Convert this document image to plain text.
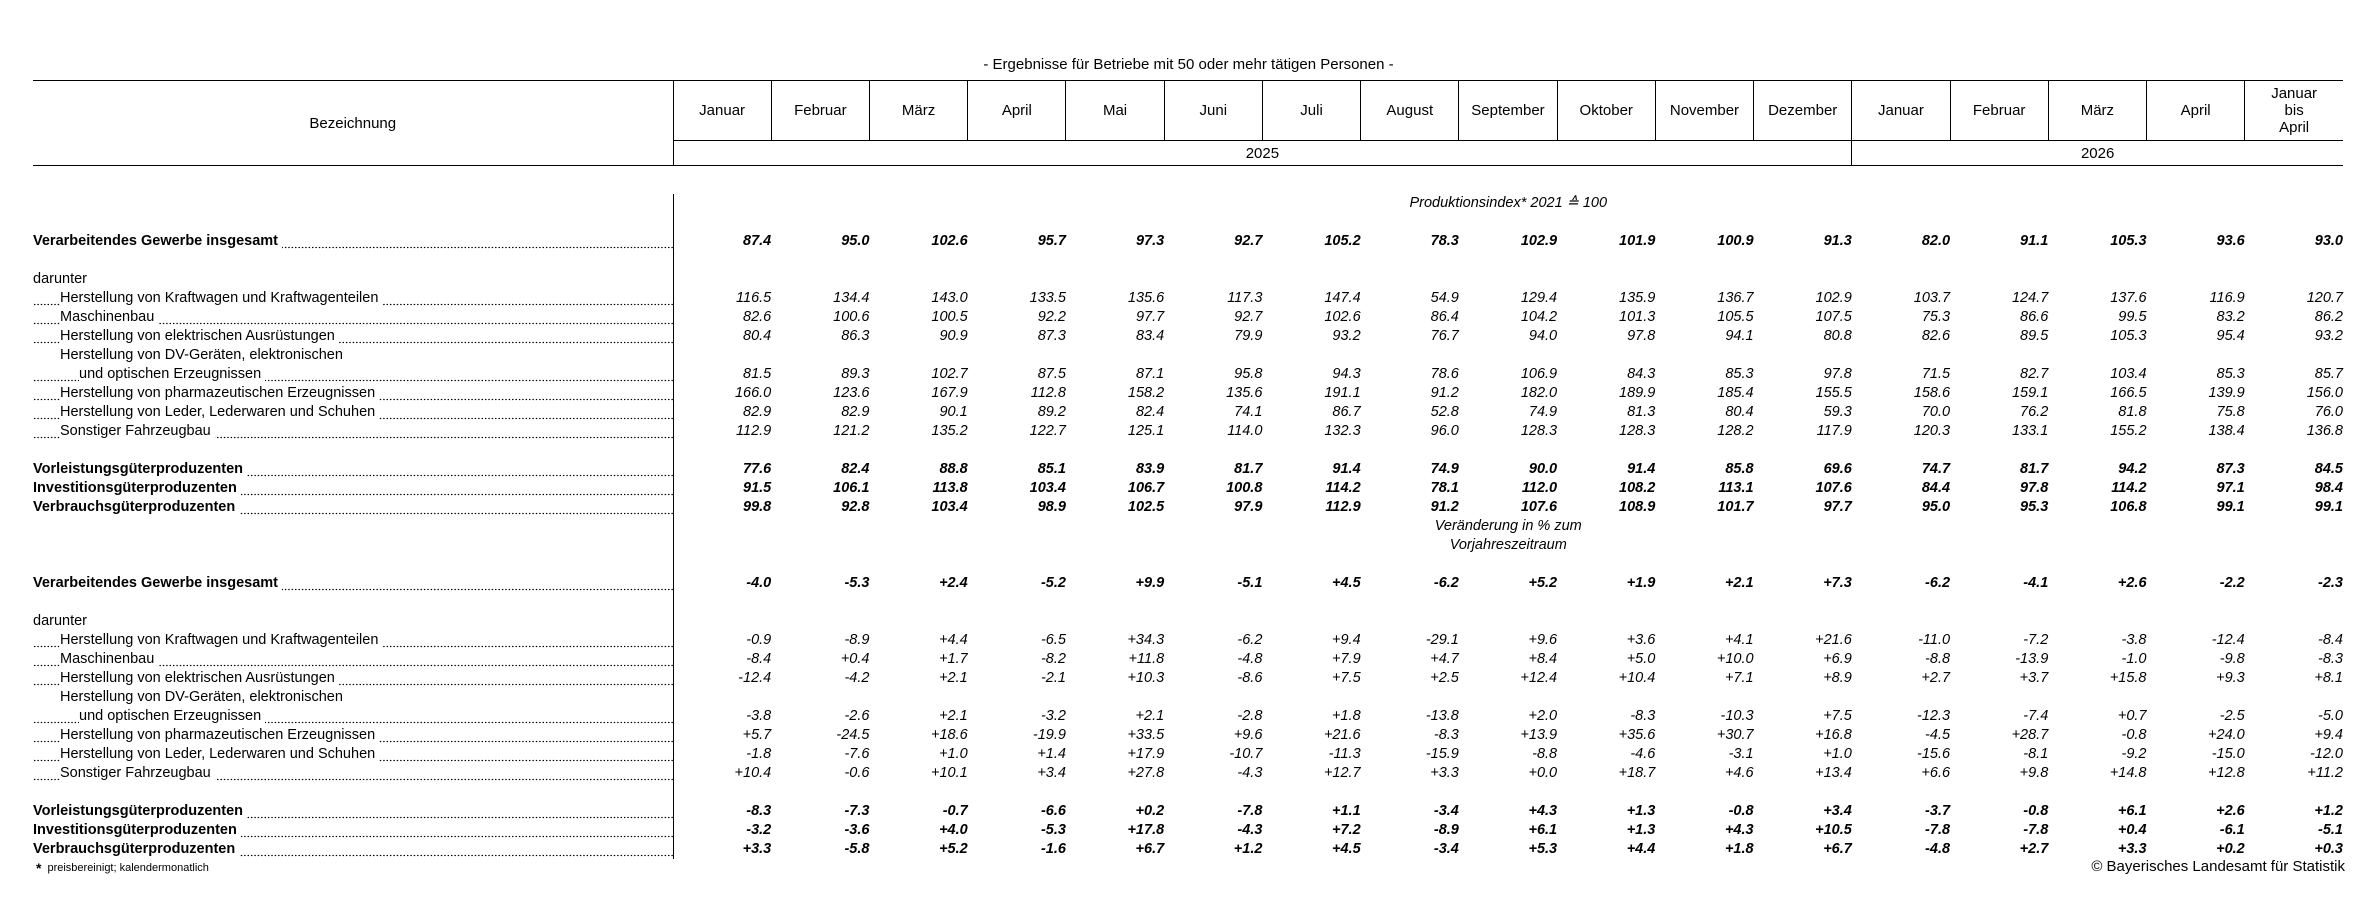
- Ergebnisse für Betriebe mit 50 oder mehr tätigen Personen -
Bezeichnung	Januar	Februar	März	April	Mai	Juni	Juli	August	September	Oktober	November	Dezember	Januar	Februar	März	April	Januar
bis
April
	2025												2026				

	Produktionsindex* 2021 ≙ 100																

Verarbeitendes Gewerbe insgesamt	87.4	95.0	102.6	95.7	97.3	92.7	105.2	78.3	102.9	101.9	100.9	91.3	82.0	91.1	105.3	93.6	93.0

darunter																	
Herstellung von Kraftwagen und Kraftwagenteilen	116.5	134.4	143.0	133.5	135.6	117.3	147.4	54.9	129.4	135.9	136.7	102.9	103.7	124.7	137.6	116.9	120.7
Maschinenbau	82.6	100.6	100.5	92.2	97.7	92.7	102.6	86.4	104.2	101.3	105.5	107.5	75.3	86.6	99.5	83.2	86.2
Herstellung von elektrischen Ausrüstungen	80.4	86.3	90.9	87.3	83.4	79.9	93.2	76.7	94.0	97.8	94.1	80.8	82.6	89.5	105.3	95.4	93.2
Herstellung von DV-Geräten, elektronischen																	
und optischen Erzeugnissen	81.5	89.3	102.7	87.5	87.1	95.8	94.3	78.6	106.9	84.3	85.3	97.8	71.5	82.7	103.4	85.3	85.7
Herstellung von pharmazeutischen Erzeugnissen	166.0	123.6	167.9	112.8	158.2	135.6	191.1	91.2	182.0	189.9	185.4	155.5	158.6	159.1	166.5	139.9	156.0
Herstellung von Leder, Lederwaren und Schuhen	82.9	82.9	90.1	89.2	82.4	74.1	86.7	52.8	74.9	81.3	80.4	59.3	70.0	76.2	81.8	75.8	76.0
Sonstiger Fahrzeugbau	112.9	121.2	135.2	122.7	125.1	114.0	132.3	96.0	128.3	128.3	128.2	117.9	120.3	133.1	155.2	138.4	136.8

Vorleistungsgüterproduzenten	77.6	82.4	88.8	85.1	83.9	81.7	91.4	74.9	90.0	91.4	85.8	69.6	74.7	81.7	94.2	87.3	84.5
Investitionsgüterproduzenten	91.5	106.1	113.8	103.4	106.7	100.8	114.2	78.1	112.0	108.2	113.1	107.6	84.4	97.8	114.2	97.1	98.4
Verbrauchsgüterproduzenten	99.8	92.8	103.4	98.9	102.5	97.9	112.9	91.2	107.6	108.9	101.7	97.7	95.0	95.3	106.8	99.1	99.1
	Veränderung in % zum
Vorjahreszeitraum																

Verarbeitendes Gewerbe insgesamt	-4.0	-5.3	+2.4	-5.2	+9.9	-5.1	+4.5	-6.2	+5.2	+1.9	+2.1	+7.3	-6.2	-4.1	+2.6	-2.2	-2.3

darunter																	
Herstellung von Kraftwagen und Kraftwagenteilen	-0.9	-8.9	+4.4	-6.5	+34.3	-6.2	+9.4	-29.1	+9.6	+3.6	+4.1	+21.6	-11.0	-7.2	-3.8	-12.4	-8.4
Maschinenbau	-8.4	+0.4	+1.7	-8.2	+11.8	-4.8	+7.9	+4.7	+8.4	+5.0	+10.0	+6.9	-8.8	-13.9	-1.0	-9.8	-8.3
Herstellung von elektrischen Ausrüstungen	-12.4	-4.2	+2.1	-2.1	+10.3	-8.6	+7.5	+2.5	+12.4	+10.4	+7.1	+8.9	+2.7	+3.7	+15.8	+9.3	+8.1
Herstellung von DV-Geräten, elektronischen																	
und optischen Erzeugnissen	-3.8	-2.6	+2.1	-3.2	+2.1	-2.8	+1.8	-13.8	+2.0	-8.3	-10.3	+7.5	-12.3	-7.4	+0.7	-2.5	-5.0
Herstellung von pharmazeutischen Erzeugnissen	+5.7	-24.5	+18.6	-19.9	+33.5	+9.6	+21.6	-8.3	+13.9	+35.6	+30.7	+16.8	-4.5	+28.7	-0.8	+24.0	+9.4
Herstellung von Leder, Lederwaren und Schuhen	-1.8	-7.6	+1.0	+1.4	+17.9	-10.7	-11.3	-15.9	-8.8	-4.6	-3.1	+1.0	-15.6	-8.1	-9.2	-15.0	-12.0
Sonstiger Fahrzeugbau	+10.4	-0.6	+10.1	+3.4	+27.8	-4.3	+12.7	+3.3	+0.0	+18.7	+4.6	+13.4	+6.6	+9.8	+14.8	+12.8	+11.2

Vorleistungsgüterproduzenten	-8.3	-7.3	-0.7	-6.6	+0.2	-7.8	+1.1	-3.4	+4.3	+1.3	-0.8	+3.4	-3.7	-0.8	+6.1	+2.6	+1.2
Investitionsgüterproduzenten	-3.2	-3.6	+4.0	-5.3	+17.8	-4.3	+7.2	-8.9	+6.1	+1.3	+4.3	+10.5	-7.8	-7.8	+0.4	-6.1	-5.1
Verbrauchsgüterproduzenten	+3.3	-5.8	+5.2	-1.6	+6.7	+1.2	+4.5	-3.4	+5.3	+4.4	+1.8	+6.7	-4.8	+2.7	+3.3	+0.2	+0.3
* preisbereinigt; kalendermonatlich	© Bayerisches Landesamt für Statistik
